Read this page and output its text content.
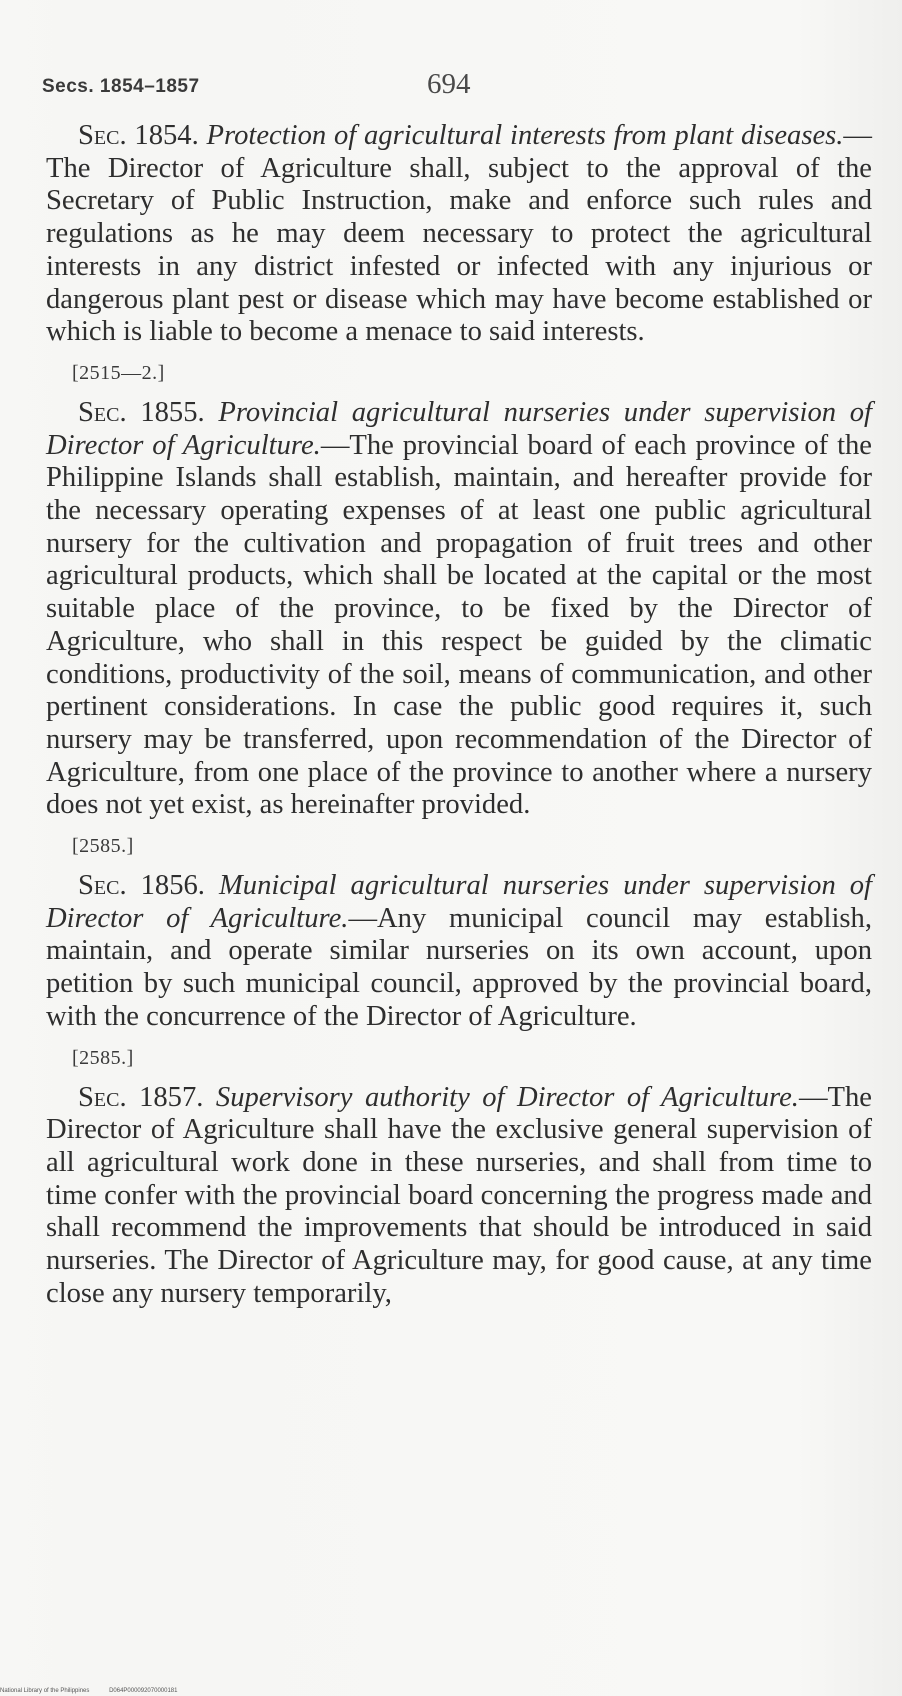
Secs. 1854–1857	694

Sec. 1854. Protection of agricultural interests from plant diseases.—The Director of Agriculture shall, subject to the approval of the Secretary of Public Instruction, make and enforce such rules and regulations as he may deem necessary to protect the agricultural interests in any district infested or infected with any injurious or dangerous plant pest or disease which may have become established or which is liable to become a menace to said interests.

[2515—2.]

Sec. 1855. Provincial agricultural nurseries under supervision of Director of Agriculture.—The provincial board of each province of the Philippine Islands shall establish, maintain, and hereafter provide for the necessary operating expenses of at least one public agricultural nursery for the cultivation and propagation of fruit trees and other agricultural products, which shall be located at the capital or the most suitable place of the province, to be fixed by the Director of Agriculture, who shall in this respect be guided by the climatic conditions, productivity of the soil, means of communication, and other pertinent considerations. In case the public good requires it, such nursery may be transferred, upon recommendation of the Director of Agriculture, from one place of the province to another where a nursery does not yet exist, as hereinafter provided.

[2585.]

Sec. 1856. Municipal agricultural nurseries under supervision of Director of Agriculture.—Any municipal council may establish, maintain, and operate similar nurseries on its own account, upon petition by such municipal council, approved by the provincial board, with the concurrence of the Director of Agriculture.

[2585.]

Sec. 1857. Supervisory authority of Director of Agriculture.—The Director of Agriculture shall have the exclusive general supervision of all agricultural work done in these nurseries, and shall from time to time confer with the provincial board concerning the progress made and shall recommend the improvements that should be introduced in said nurseries. The Director of Agriculture may, for good cause, at any time close any nursery temporarily,

National Library of the Philippines	D064P000092070000181
